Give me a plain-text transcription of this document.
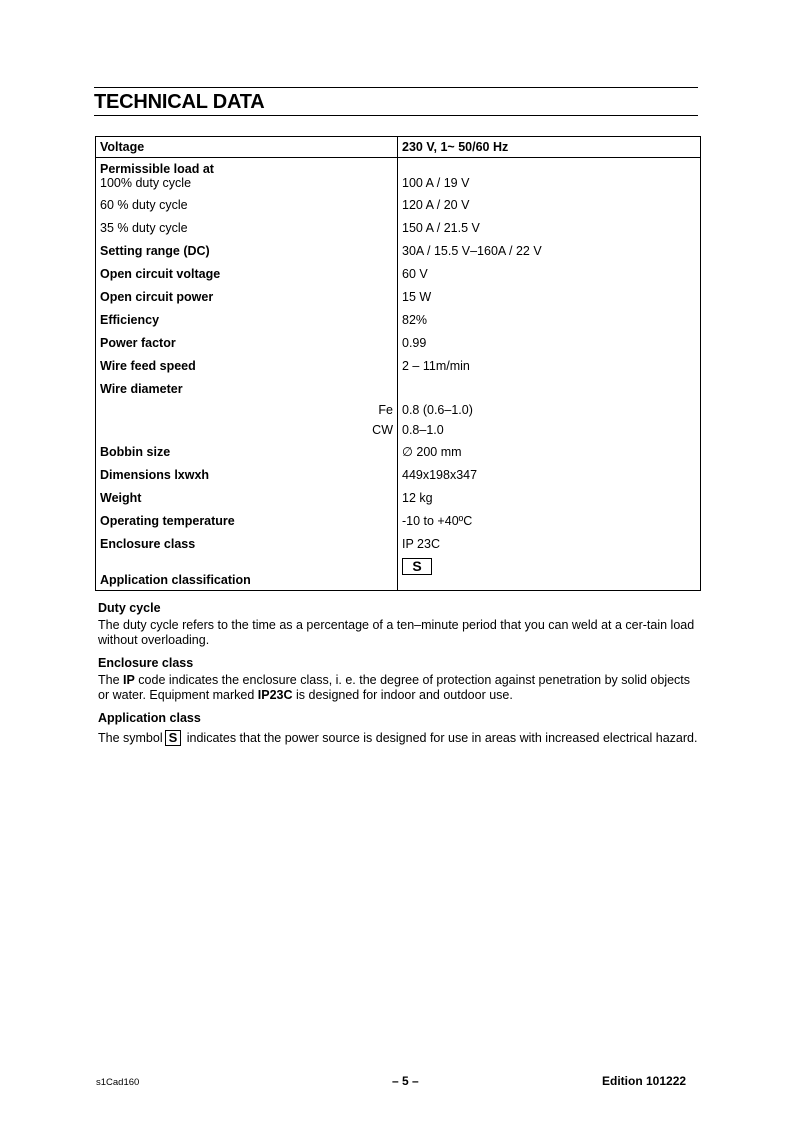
TECHNICAL DATA
Voltage	230 V, 1~ 50/60 Hz

Permissible load at
100% duty cycle	100 A / 19 V
60 % duty cycle	120 A / 20 V
35 % duty cycle	150 A / 21.5 V
Setting range (DC)	30A / 15.5 V–160A / 22 V
Open circuit voltage	60 V
Open circuit power	15 W
Efficiency	82%
Power factor	0.99
Wire feed speed	2 – 11m/min
Wire diameter	
Fe	0.8 (0.6–1.0)
CW	0.8–1.0
Bobbin size	∅ 200 mm
Dimensions lxwxh	449x198x347
Weight	12 kg
Operating temperature	-10 to +40ºC
Enclosure class	IP 23C
Application classification	S
Duty cycle

The duty cycle refers to the time as a percentage of a ten–minute period that you can weld at a cer-tain load without overloading.

Enclosure class

The IP code indicates the enclosure class, i. e. the degree of protection against penetration by solid objects or water. Equipment marked IP23C is designed for indoor and outdoor use.

Application class

The symbol S indicates that the power source is designed for use in areas with increased electrical hazard.

s1Cad160	– 5 –	Edition 101222
